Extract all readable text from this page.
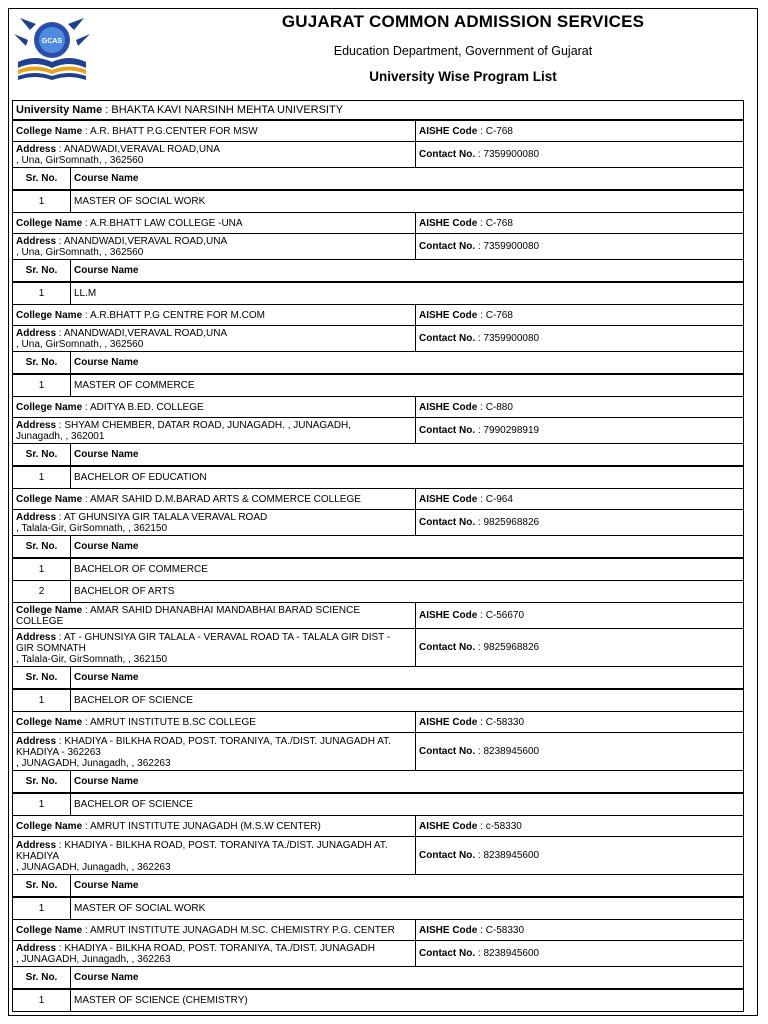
GCAS
GUJARAT COMMON ADMISSION SERVICES
Education Department, Government of Gujarat
University Wise Program List
University Name : BHAKTA KAVI NARSINH MEHTA UNIVERSITY
College Name : A.R. BHATT P.G.CENTER FOR MSW	AISHE Code : C-768
Address : ANADWADI,VERAVAL ROAD,UNA
, Una, GirSomnath, , 362560
Contact No. : 7359900080
Sr. No.	Course Name
1	MASTER OF SOCIAL WORK
College Name : A.R.BHATT LAW COLLEGE -UNA	AISHE Code : C-768
Address : ANANDWADI,VERAVAL ROAD,UNA
, Una, GirSomnath, , 362560
Contact No. : 7359900080
Sr. No.	Course Name
1	LL.M
College Name : A.R.BHATT P.G CENTRE FOR M.COM	AISHE Code : C-768
Address : ANANDWADI,VERAVAL ROAD,UNA
, Una, GirSomnath, , 362560
Contact No. : 7359900080
Sr. No.	Course Name
1	MASTER OF COMMERCE
College Name : ADITYA B.ED. COLLEGE	AISHE Code : C-880
Address : SHYAM CHEMBER, DATAR ROAD, JUNAGADH. , JUNAGADH,
Junagadh, , 362001
Contact No. : 7990298919
Sr. No.	Course Name
1	BACHELOR OF EDUCATION
College Name : AMAR SAHID D.M.BARAD ARTS & COMMERCE COLLEGE	AISHE Code : C-964
Address : AT GHUNSIYA GIR TALALA VERAVAL ROAD
, Talala-Gir, GirSomnath, , 362150
Contact No. : 9825968826
Sr. No.	Course Name
1	BACHELOR OF COMMERCE
2	BACHELOR OF ARTS
College Name : AMAR SAHID DHANABHAI MANDABHAI BARAD SCIENCE
COLLEGE
AISHE Code : C-56670
Address : AT - GHUNSIYA GIR TALALA - VERAVAL ROAD TA - TALALA GIR DIST -
GIR SOMNATH
, Talala-Gir, GirSomnath, , 362150
Contact No. : 9825968826
Sr. No.	Course Name
1	BACHELOR OF SCIENCE
College Name : AMRUT INSTITUTE B.SC COLLEGE	AISHE Code : C-58330
Address : KHADIYA - BILKHA ROAD, POST. TORANIYA, TA./DIST. JUNAGADH AT.
KHADIYA - 362263
, JUNAGADH, Junagadh, , 362263
Contact No. : 8238945600
Sr. No.	Course Name
1	BACHELOR OF SCIENCE
College Name : AMRUT INSTITUTE JUNAGADH (M.S.W CENTER)	AISHE Code : c-58330
Address : KHADIYA - BILKHA ROAD, POST. TORANIYA TA./DIST. JUNAGADH AT.
KHADIYA
, JUNAGADH, Junagadh, , 362263
Contact No. : 8238945600
Sr. No.	Course Name
1	MASTER OF SOCIAL WORK
College Name : AMRUT INSTITUTE JUNAGADH M.SC. CHEMISTRY P.G. CENTER AISHE Code : C-58330
Address : KHADIYA - BILKHA ROAD, POST. TORANIYA, TA./DIST. JUNAGADH
, JUNAGADH, Junagadh, , 362263
Contact No. : 8238945600
Sr. No.	Course Name
1	MASTER OF SCIENCE (CHEMISTRY)
